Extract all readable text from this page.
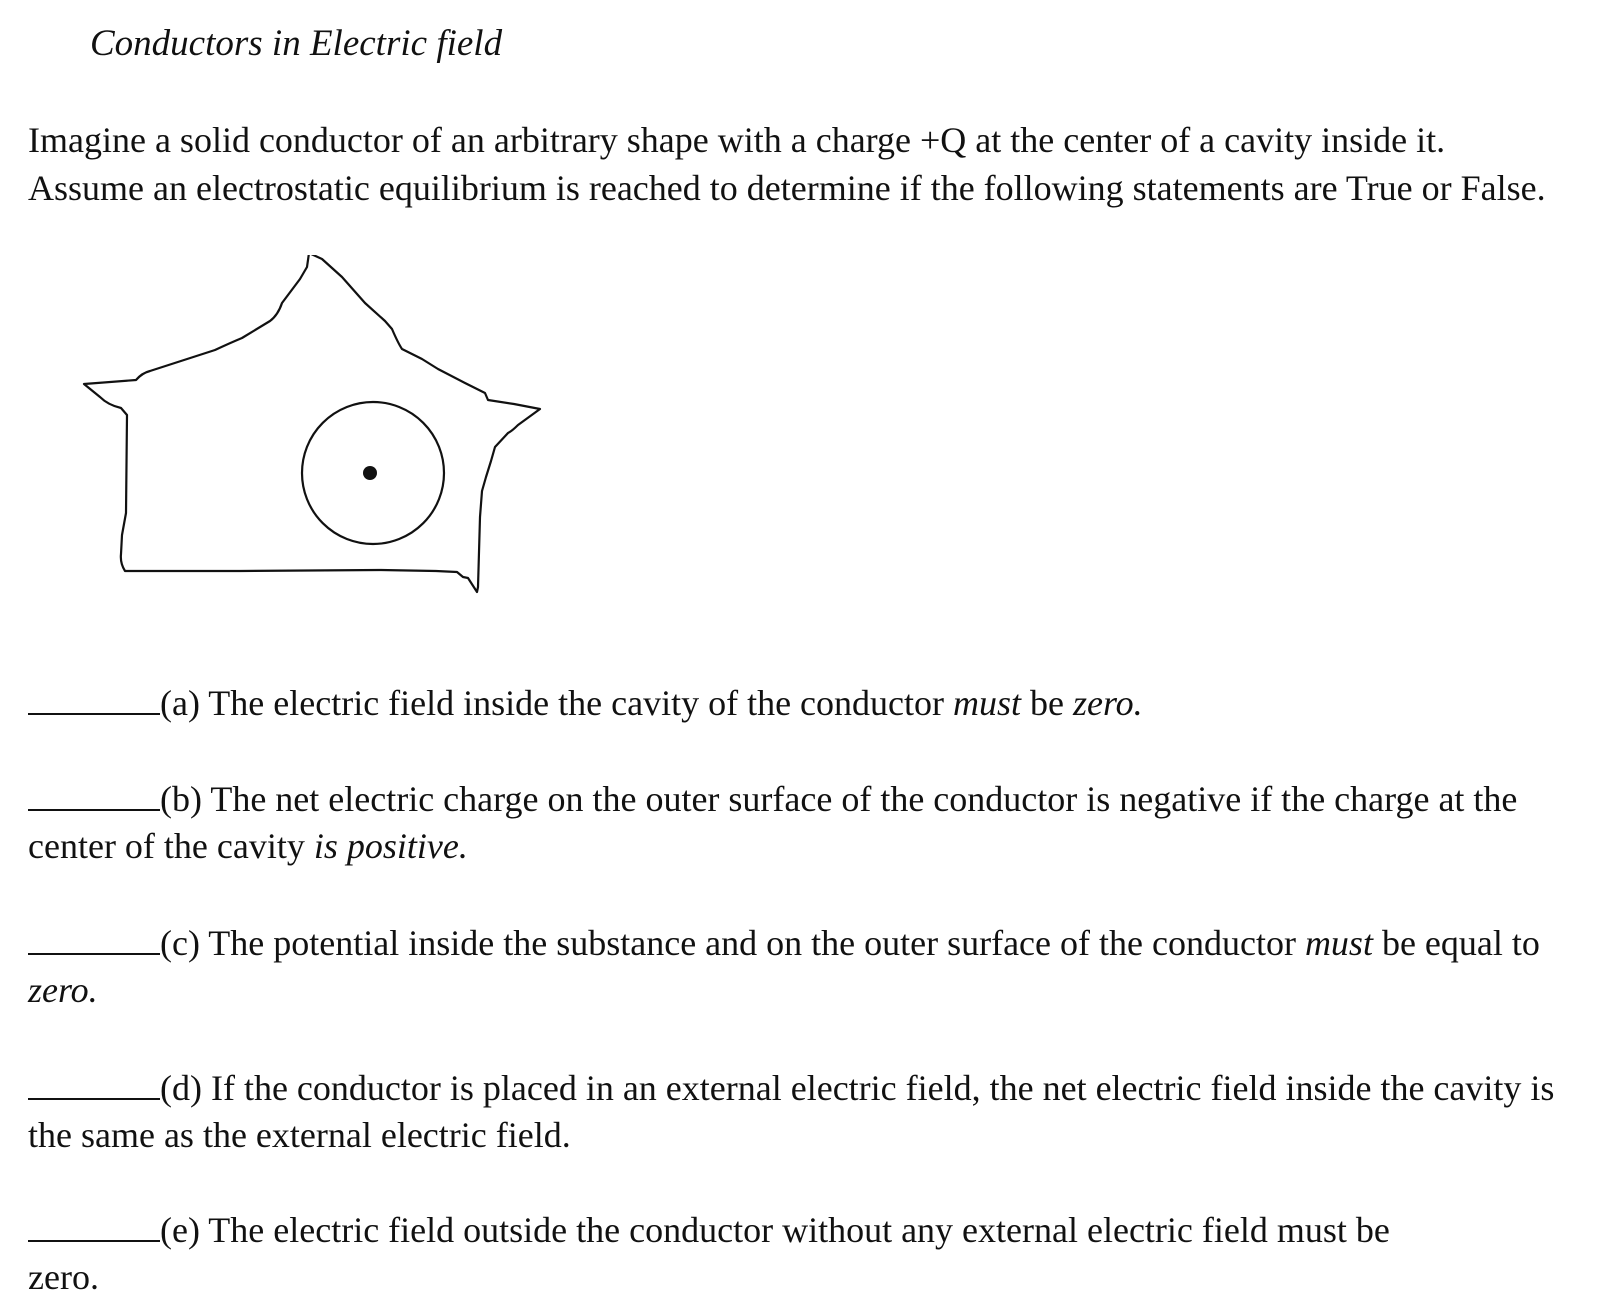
Conductors in Electric field

Imagine a solid conductor of an arbitrary shape with a charge +Q at the center of a cavity inside it. Assume an electrostatic equilibrium is reached to determine if the following statements are True or False.

(a) The electric field inside the cavity of the conductor must be zero.

(b) The net electric charge on the outer surface of the conductor is negative if the charge at the center of the cavity is positive.

(c) The potential inside the substance and on the outer surface of the conductor must be equal to zero.

(d) If the conductor is placed in an external electric field, the net electric field inside the cavity is the same as the external electric field.

(e) The electric field outside the conductor without any external electric field must be

zero.
